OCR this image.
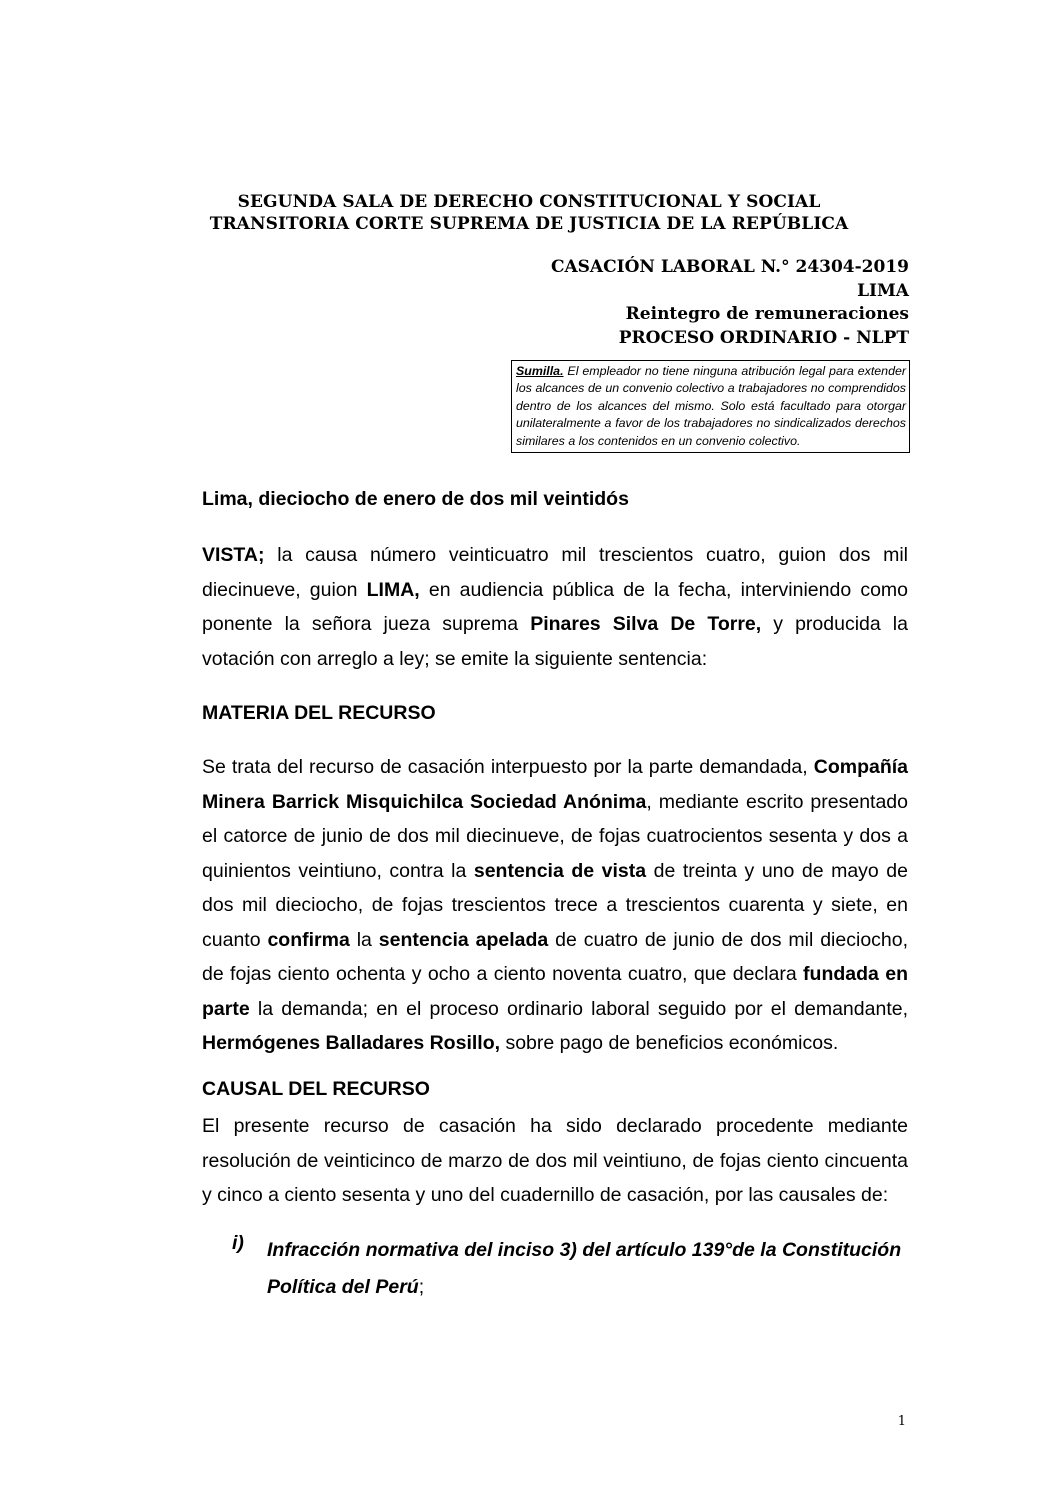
SEGUNDA SALA DE DERECHO CONSTITUCIONAL Y SOCIAL
TRANSITORIA CORTE SUPREMA DE JUSTICIA DE LA REPÚBLICA
CASACIÓN LABORAL N.° 24304-2019
LIMA
Reintegro de remuneraciones
PROCESO ORDINARIO - NLPT
Sumilla. El empleador no tiene ninguna atribución legal para extender los alcances de un convenio colectivo a trabajadores no comprendidos dentro de los alcances del mismo. Solo está facultado para otorgar unilateralmente a favor de los trabajadores no sindicalizados derechos similares a los contenidos en un convenio colectivo.
Lima, dieciocho de enero de dos mil veintidós

VISTA; la causa número veinticuatro mil trescientos cuatro, guion dos mil diecinueve, guion LIMA, en audiencia pública de la fecha, interviniendo como ponente la señora jueza suprema Pinares Silva De Torre, y producida la votación con arreglo a ley; se emite la siguiente sentencia:

MATERIA DEL RECURSO

Se trata del recurso de casación interpuesto por la parte demandada, Compañía Minera Barrick Misquichilca Sociedad Anónima, mediante escrito presentado el catorce de junio de dos mil diecinueve, de fojas cuatrocientos sesenta y dos a quinientos veintiuno, contra la sentencia de vista de treinta y uno de mayo de dos mil dieciocho, de fojas trescientos trece a trescientos cuarenta y siete, en cuanto confirma la sentencia apelada de cuatro de junio de dos mil dieciocho, de fojas ciento ochenta y ocho a ciento noventa cuatro, que declara fundada en parte la demanda; en el proceso ordinario laboral seguido por el demandante, Hermógenes Balladares Rosillo, sobre pago de beneficios económicos.

CAUSAL DEL RECURSO

El presente recurso de casación ha sido declarado procedente mediante resolución de veinticinco de marzo de dos mil veintiuno, de fojas ciento cincuenta y cinco a ciento sesenta y uno del cuadernillo de casación, por las causales de:

i) Infracción normativa del inciso 3) del artículo 139°de la Constitución Política del Perú;
1
